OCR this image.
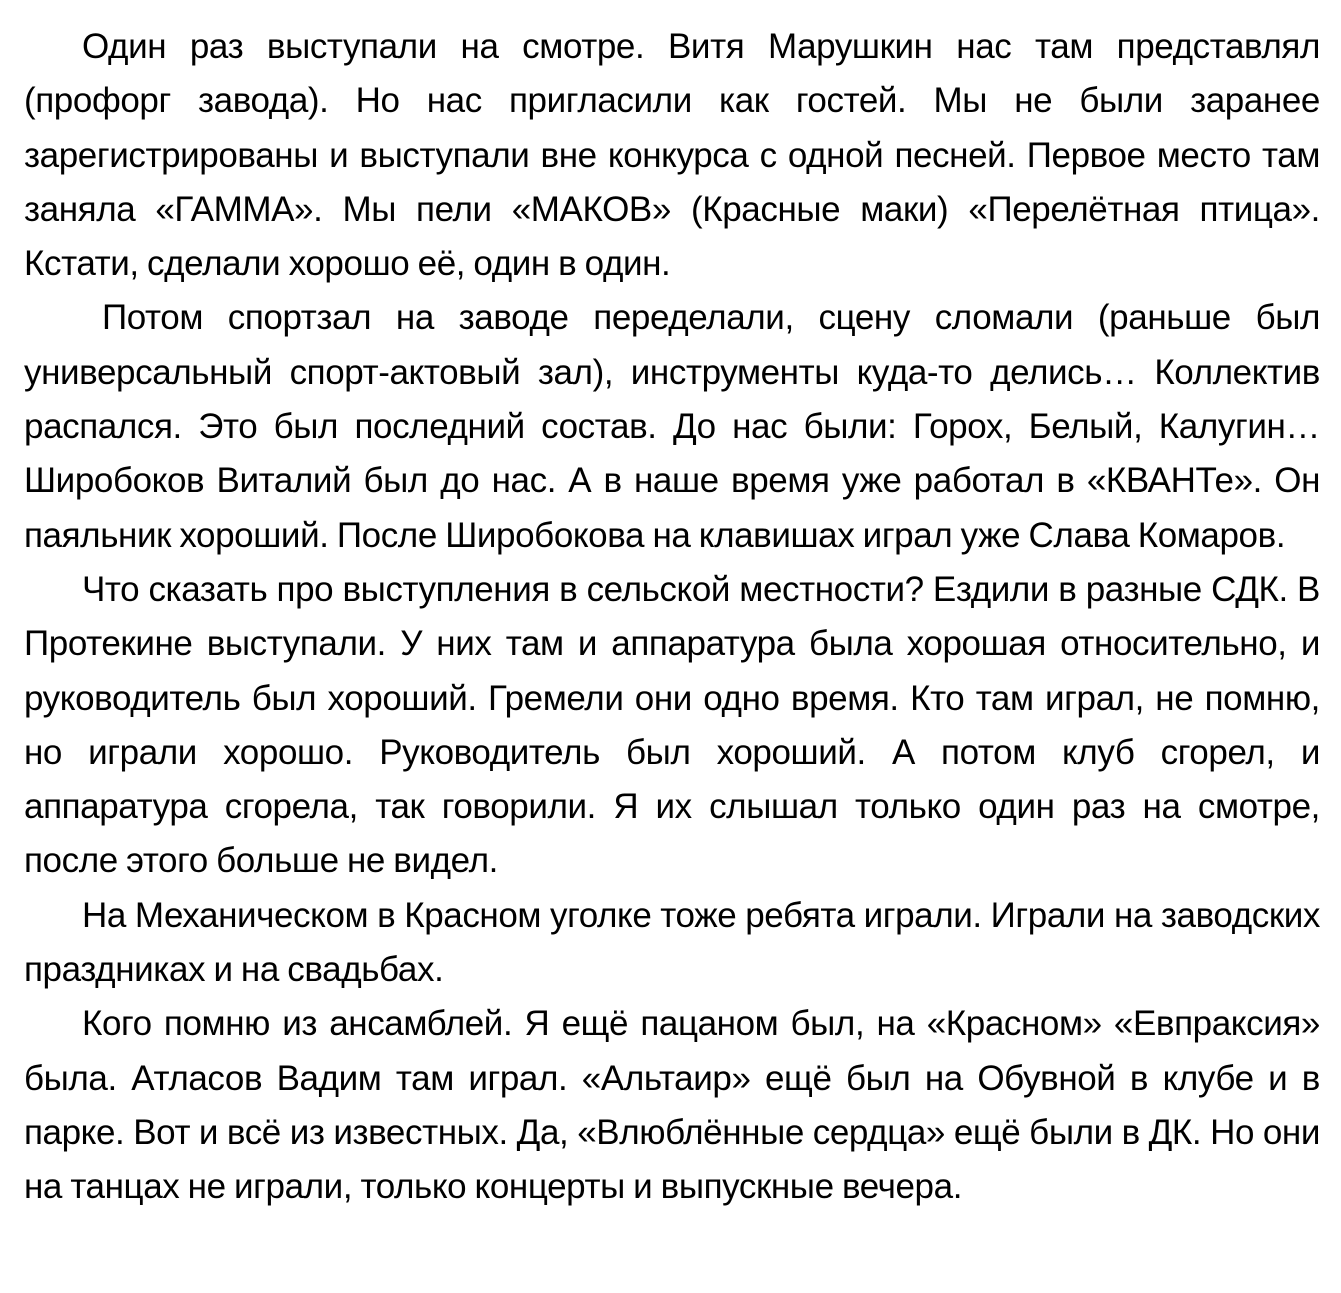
Один раз выступали на смотре. Витя Марушкин нас там представлял (профорг завода). Но нас пригласили как гостей. Мы не были заранее зарегистрированы и выступали вне конкурса с одной песней. Первое место там заняла «ГАММА». Мы пели «МАКОВ» (Красные маки) «Перелётная птица». Кстати, сделали хорошо её, один в один.

Потом спортзал на заводе переделали, сцену сломали (раньше был универсальный спорт-актовый зал), инструменты куда-то делись… Коллектив распался. Это был последний состав. До нас были: Горох, Белый, Калугин… Широбоков Виталий был до нас. А в наше время уже работал в «КВАНТе». Он паяльник хороший. После Широбокова на клавишах играл уже Слава Комаров.

Что сказать про выступления в сельской местности? Ездили в разные СДК. В Протекине выступали. У них там и аппаратура была хорошая относительно, и руководитель был хороший. Гремели они одно время. Кто там играл, не помню, но играли хорошо. Руководитель был хороший. А потом клуб сгорел, и аппаратура сгорела, так говорили. Я их слышал только один раз на смотре, после этого больше не видел.

На Механическом в Красном уголке тоже ребята играли. Играли на заводских праздниках и на свадьбах.

Кого помню из ансамблей. Я ещё пацаном был, на «Красном» «Евпраксия» была. Атласов Вадим там играл. «Альтаир» ещё был на Обувной в клубе и в парке. Вот и всё из известных. Да, «Влюблённые сердца» ещё были в ДК. Но они на танцах не играли, только концерты и выпускные вечера.
